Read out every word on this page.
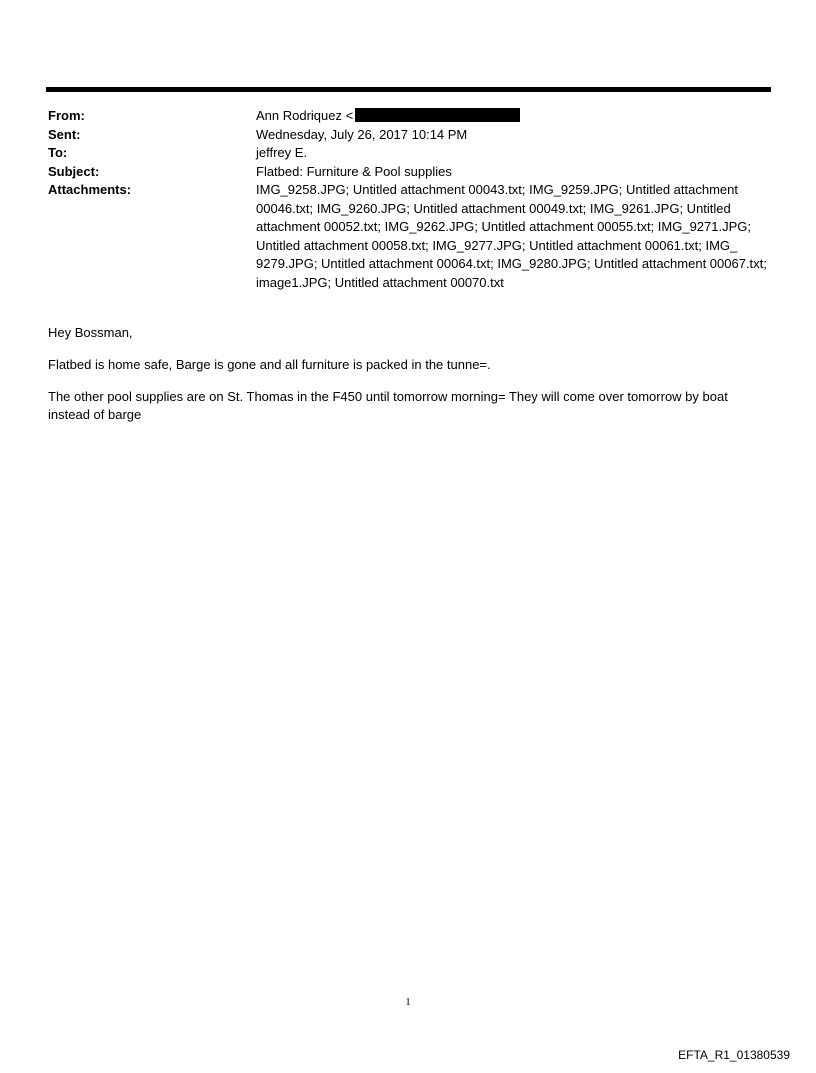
From:	Ann Rodriquez <
Sent:	Wednesday, July 26, 2017 10:14 PM
To:	jeffrey E.
Subject:	Flatbed: Furniture & Pool supplies
Attachments:	IMG_9258.JPG; Untitled attachment 00043.txt; IMG_9259.JPG; Untitled attachment 00046.txt; IMG_9260.JPG; Untitled attachment 00049.txt; IMG_9261.JPG; Untitled attachment 00052.txt; IMG_9262.JPG; Untitled attachment 00055.txt; IMG_9271.JPG; Untitled attachment 00058.txt; IMG_9277.JPG; Untitled attachment 00061.txt; IMG_ 9279.JPG; Untitled attachment 00064.txt; IMG_9280.JPG; Untitled attachment 00067.txt; image1.JPG; Untitled attachment 00070.txt

Hey Bossman,

Flatbed is home safe, Barge is gone and all furniture is packed in the tunne=.

The other pool supplies are on St. Thomas in the F450 until tomorrow morning= They will come over tomorrow by boat instead of barge

1
EFTA_R1_01380539
